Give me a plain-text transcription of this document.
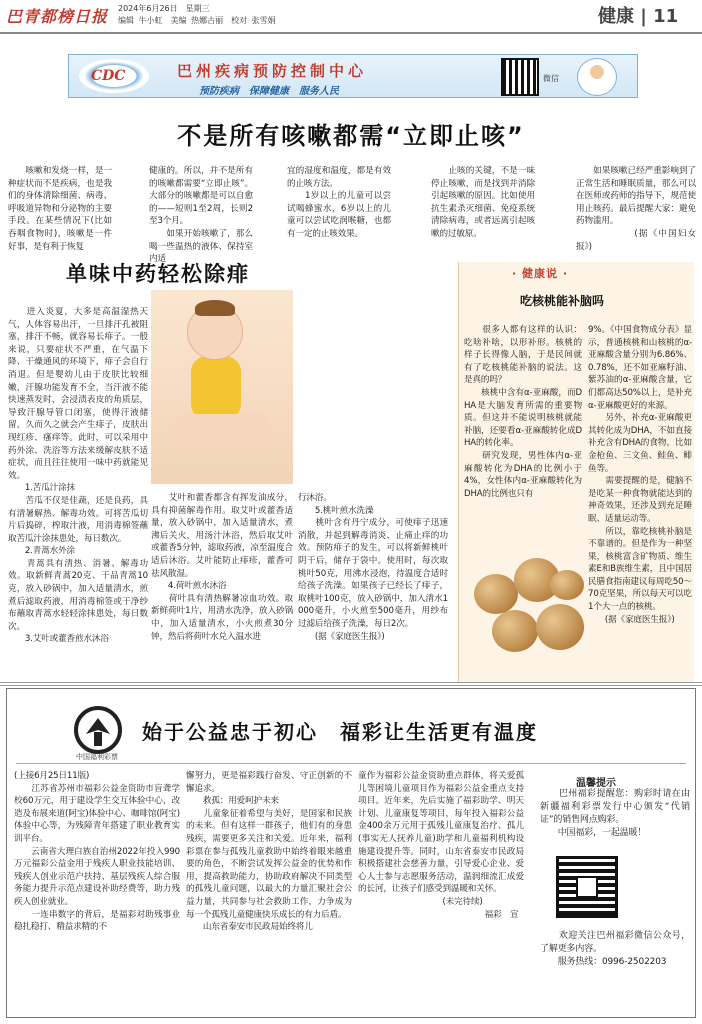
巴青都榜日报 2024年6月26日　星期三
编辑 牛小虹　美编 热娜古丽　校对 张雪娟	健康 | 11
CDC	巴州疾病预防控制中心
预防疾病　保障健康　服务人民
微信
不是所有咳嗽都需“立即止咳”
　　咳嗽和发烧一样，是一种症状而不是疾病，也是我们的身体清除细菌、病毒、呼吸道异物和分泌物的主要手段。在某些情况下(比如吞咽食物时)，咳嗽是一件好事，是有利于恢复
健康的。所以，并不是所有的咳嗽都需要“立即止咳”。大部分的咳嗽都是可以自愈的——短则1至2周，长则2至3个月。
　　如果开始咳嗽了，那么喝一些温热的液体、保持室内适
宜的湿度和温度，都是有效的止咳方法。
　　1岁以上的儿童可以尝试喝蜂蜜水，6岁以上的儿童可以尝试吃润喉糖，也都有一定的止咳效果。
　　止咳的关键，不是一味停止咳嗽，而是找到并消除引起咳嗽的原因。比如使用抗生素杀灭细菌、免疫系统清除病毒，或者远离引起咳嗽的过敏原。
　　如果咳嗽已经严重影响到了正常生活和睡眠质量，那么可以在医师或药师的指导下，规范使用止咳药。最后提醒大家：避免药物滥用。
　　　　　　(据《中国妇女报》)
单味中药轻松除痱
　　进入炎夏，大多是高温湿热天气，人体容易出汗，一旦排汗孔被阻塞，排汗不畅，就容易长痱子。一般来说，只要症状不严重，在气温下降、干燥通风的环境下，痱子会自行消退。但是婴幼儿由于皮肤比较细嫩，汗腺功能发育不全，当汗液不能快速蒸发时，会浸渍表皮的角质层，导致汗腺导管口闭塞，使得汗液储留，久而久之就会产生痱子，皮肤出现红疹、瘙痒等。此时，可以采用中药外涂、洗浴等方法来缓解皮肤不适症状，而且往往使用一味中药就能见效。
　　1.苦瓜汁涂抹
　　苦瓜不仅是佳蔬，还是良药，具有清暑解热、解毒功效。可将苦瓜切片后捣碎，榨取汁液，用消毒棉签蘸取苦瓜汁涂抹患处，每日数次。
　　2.青蒿水外涂
　　青蒿具有清热、消暑、解毒功效。取新鲜青蒿20克、干品青蒿10克，放入砂锅中，加入适量清水，煎煮后滤取药液，用消毒棉签或干净纱布蘸取青蒿水轻轻涂抹患处，每日数次。
　　3.艾叶或藿香煎水沐浴
　　艾叶和藿香都含有挥发油成分，具有抑菌解毒作用。取艾叶或藿香适量，放入砂锅中，加入适量清水，煮沸后关火，用汤汁沐浴，然后取艾叶或藿香5分钟，滤取药液，凉至温度合适后沐浴。艾叶能防止痱疹，藿香可祛风散湿。
　　4.荷叶煎水沐浴
　　荷叶具有清热解暑凉血功效。取新鲜荷叶1片，用清水洗净，放入砂锅中，加入适量清水，小火煎煮30分钟，然后将荷叶水兑入温水进
行沐浴。
　　5.桃叶煎水洗澡
　　桃叶含有丹宁成分，可使痱子迅速消散，并起到解毒消炎、止痛止痒的功效。预防痱子的发生，可以将新鲜桃叶阴干后，储存于袋中。使用时，每次取桃叶50克，用沸水浸泡，待温度合适时给孩子洗澡。如果孩子已经长了痱子，取桃叶100克，放入砂锅中，加入清水1000毫升，小火煎至500毫升，用纱布过滤后给孩子洗澡，每日2次。
　　(据《家庭医生报》)
· 健康说 ·
吃核桃能补脑吗
　　很多人都有这样的认识：吃啥补啥，以形补形。核桃的样子长得像人脑，于是民间就有了吃核桃能补脑的说法。这是真的吗？
　　核桃中含有α-亚麻酸，而DHA是大脑发育所需的重要物质。但这并不能说明核桃就能补脑，还要看α-亚麻酸转化成DHA的转化率。
　　研究发现，男性体内α-亚麻酸转化为DHA的比例小于4%，女性体内α-亚麻酸转化为DHA的比例也只有
9%。《中国食物成分表》显示，普通核桃和山核桃的α-亚麻酸含量分别为6.86%、0.78%，还不如亚麻籽油、紫苏油的α-亚麻酸含量，它们都高达50%以上，是补充α-亚麻酸更好的来源。
　　另外，补充α-亚麻酸更其转化成为DHA，不如直接补充含有DHA的食物，比如金枪鱼、三文鱼、鲑鱼、鲱鱼等。
　　需要提醒的是，健脑不是吃某一种食物就能达到的神奇效果，还涉及到充足睡眠、适量运动等。
　　所以，靠吃核桃补脑是不靠谱的。但是作为一种坚果，核桃富含矿物质、维生素E和B族维生素，且中国居民膳食指南建议每周吃50～70克坚果，所以每天可以吃1个大一点的核桃。
　　(据《家庭医生报》)
中国福利彩票
始于公益忠于初心　福彩让生活更有温度
(上接6月25日11版)
　　江苏省苏州市福彩公益金资助市盲聋学校60万元，用于建设学生交互体验中心，改造及布展来道(阿宝)体验中心、咖啡馆(阿宝)体验中心等，为残障青年搭建了职业教育实训平台。
　　云南省大理白族自治州2022年投入990万元福彩公益金用于残疾人职业技能培训、残疾人创业示范户扶持、基层残疾人综合服务能力提升示范点建设补助经费等，助力残疾人创业就业。
　　一连串数字的背后，是福彩对助残事业稳扎稳打、精益求精的不
懈努力，更是福彩践行奋发、守正创新的不懈追求。
　　救孤：用爱呵护未来
　　儿童象征着希望与美好，是国家和民族的未来。但有这样一群孩子，他们有的身患残疾，需要更多关注和关爱。近年来，福利彩票在参与孤残儿童救助中始终着眼来越重要的角色，不断尝试发挥公益金的优势和作用，提高救助能力，协助政府解决不同类型的孤残儿童问题，以最大的力量汇聚社会公益力量，共同参与社会救助工作，力争成为每一个孤残儿童健康快乐成长的有力后盾。
　　山东省泰安市民政局始终将儿
童作为福彩公益金资助重点群体，将关爱孤儿等困境儿童项目作为福彩公益金重点支持项目。近年来，先后实施了福彩助学、明天计划、儿童康复等项目，每年投入福彩公益金400余万元用于孤残儿童康复治疗、孤儿(事实无人抚养儿童)助学和儿童福利机构设施建设提升等。同时，山东省泰安市民政局积极搭建社会慈善力量，引导爱心企业、爱心人士参与志愿服务活动，温润细流汇成爱的长河，让孩子们感受到温暖和关怀。
　　　　　　　　　　(未完待续)
　　　　　　　　　　　　　　　福彩　宣
温馨提示
　　巴州福彩提醒您：购彩时请在由新疆福利彩票发行中心颁发“代销证”的销售网点购彩。
　　中国福彩，一起温暖！
　　欢迎关注巴州福彩微信公众号，了解更多内容。
　　服务热线：0996-2502203
